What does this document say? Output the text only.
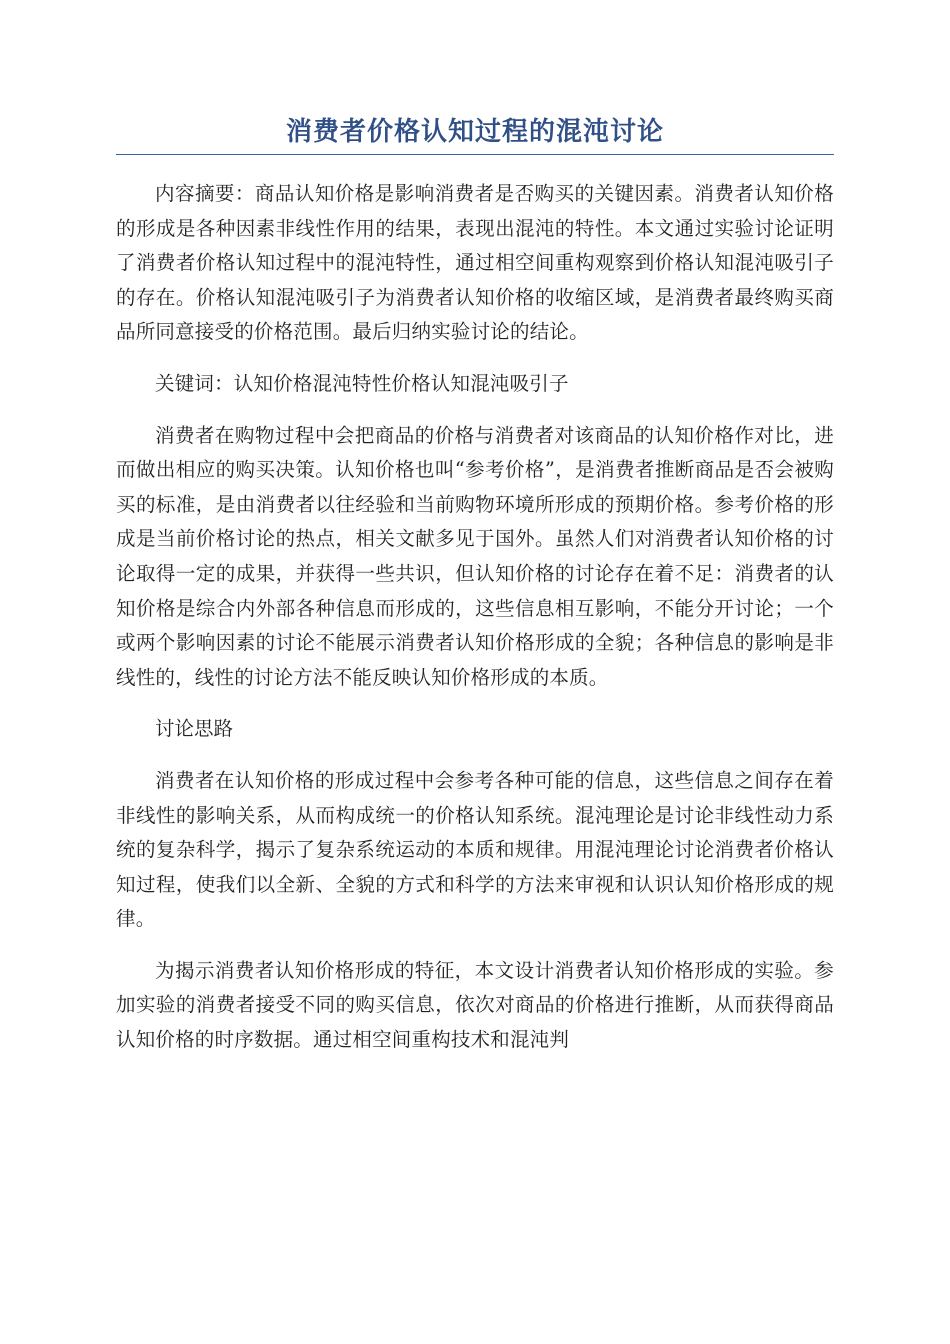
消费者价格认知过程的混沌讨论

内容摘要：商品认知价格是影响消费者是否购买的关键因素。消费者认知价格的形成是各种因素非线性作用的结果，表现出混沌的特性。本文通过实验讨论证明了消费者价格认知过程中的混沌特性，通过相空间重构观察到价格认知混沌吸引子的存在。价格认知混沌吸引子为消费者认知价格的收缩区域，是消费者最终购买商品所同意接受的价格范围。最后归纳实验讨论的结论。

关键词：认知价格混沌特性价格认知混沌吸引子

消费者在购物过程中会把商品的价格与消费者对该商品的认知价格作对比，进而做出相应的购买决策。认知价格也叫“参考价格”，是消费者推断商品是否会被购买的标准，是由消费者以往经验和当前购物环境所形成的预期价格。参考价格的形成是当前价格讨论的热点，相关文献多见于国外。虽然人们对消费者认知价格的讨论取得一定的成果，并获得一些共识，但认知价格的讨论存在着不足：消费者的认知价格是综合内外部各种信息而形成的，这些信息相互影响，不能分开讨论；一个或两个影响因素的讨论不能展示消费者认知价格形成的全貌；各种信息的影响是非线性的，线性的讨论方法不能反映认知价格形成的本质。

讨论思路

消费者在认知价格的形成过程中会参考各种可能的信息，这些信息之间存在着非线性的影响关系，从而构成统一的价格认知系统。混沌理论是讨论非线性动力系统的复杂科学，揭示了复杂系统运动的本质和规律。用混沌理论讨论消费者价格认知过程，使我们以全新、全貌的方式和科学的方法来审视和认识认知价格形成的规律。

为揭示消费者认知价格形成的特征，本文设计消费者认知价格形成的实验。参加实验的消费者接受不同的购买信息，依次对商品的价格进行推断，从而获得商品认知价格的时序数据。通过相空间重构技术和混沌判
